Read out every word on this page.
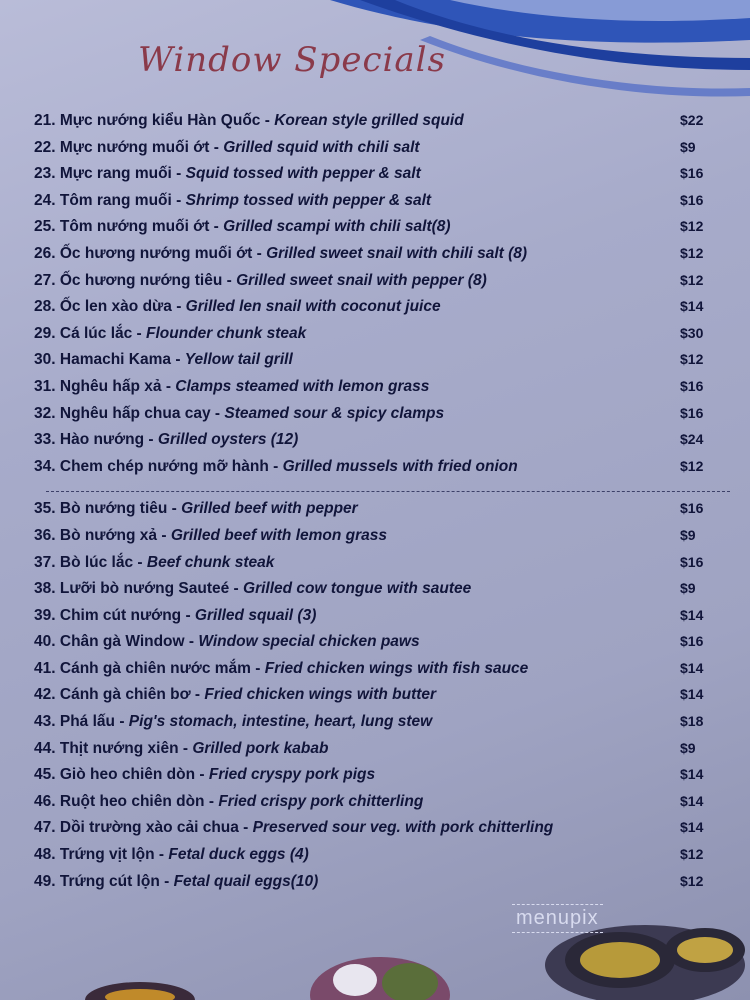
Window Specials
21. Mực nướng kiểu Hàn Quốc - Korean style grilled squid	$22
22. Mực nướng muối ớt - Grilled squid with chili salt	$9
23. Mực rang muối - Squid tossed with pepper & salt	$16
24. Tôm rang muối - Shrimp tossed with pepper & salt	$16
25. Tôm nướng muối ớt - Grilled scampi with chili salt(8)	$12
26. Ốc hương nướng muối ớt - Grilled sweet snail with chili salt (8)	$12
27. Ốc hương nướng tiêu - Grilled sweet snail with pepper (8)	$12
28. Ốc len xào dừa - Grilled len snail with coconut juice	$14
29. Cá lúc lắc - Flounder chunk steak	$30
30. Hamachi Kama - Yellow tail grill	$12
31. Nghêu hấp xả - Clamps steamed with lemon grass	$16
32. Nghêu hấp chua cay - Steamed sour & spicy clamps	$16
33. Hào nướng - Grilled oysters (12)	$24
34. Chem chép nướng mỡ hành - Grilled mussels with fried onion	$12
35. Bò nướng tiêu - Grilled beef with pepper	$16
36. Bò nướng xả - Grilled beef with lemon grass	$9
37. Bò lúc lắc - Beef chunk steak	$16
38. Lưỡi bò nướng Sauteé - Grilled cow tongue with sautee	$9
39. Chim cút nướng - Grilled squail (3)	$14
40. Chân gà Window - Window special chicken paws	$16
41. Cánh gà chiên nước mắm - Fried chicken wings with fish sauce	$14
42. Cánh gà chiên bơ - Fried chicken wings with butter	$14
43. Phá lấu - Pig's stomach, intestine, heart, lung stew	$18
44. Thịt nướng xiên - Grilled pork kabab	$9
45. Giò heo chiên dòn - Fried cryspy pork pigs	$14
46. Ruột heo chiên dòn - Fried crispy pork chitterling	$14
47. Dồi trường xào cải chua - Preserved sour veg. with pork chitterling	$14
48. Trứng vịt lộn - Fetal duck eggs (4)	$12
49. Trứng cút lộn - Fetal quail eggs(10)	$12
menupix
